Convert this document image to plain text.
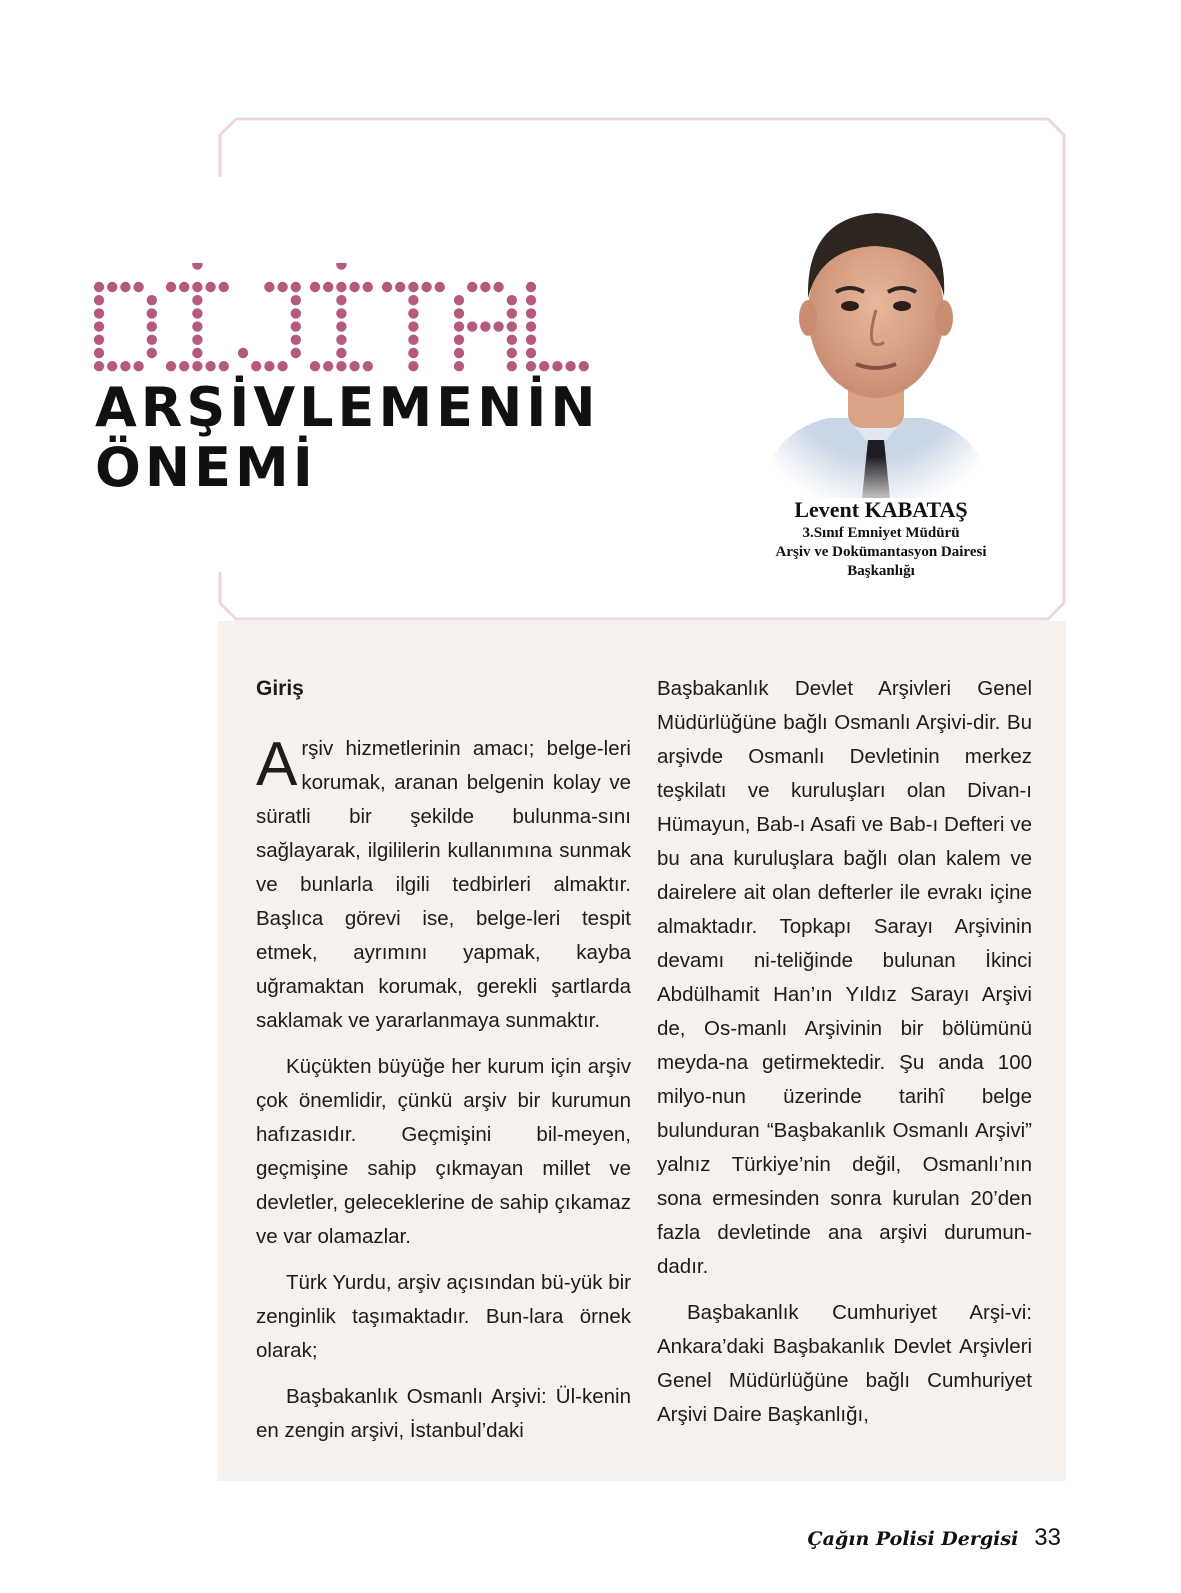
ARŞİVLEMENİN
ÖNEMİ
Levent KABATAŞ
3.Sınıf Emniyet Müdürü
Arşiv ve Dokümantasyon Dairesi
Başkanlığı
Giriş

Arşiv hizmetlerinin amacı; belge-leri korumak, aranan belgenin kolay ve süratli bir şekilde bulunma-sını sağlayarak, ilgililerin kullanımına sunmak ve bunlarla ilgili tedbirleri almaktır. Başlıca görevi ise, belge-leri tespit etmek, ayrımını yapmak, kayba uğramaktan korumak, gerekli şartlarda saklamak ve yararlanmaya sunmaktır.

Küçükten büyüğe her kurum için arşiv çok önemlidir, çünkü arşiv bir kurumun hafızasıdır. Geçmişini bil-meyen, geçmişine sahip çıkmayan millet ve devletler, geleceklerine de sahip çıkamaz ve var olamazlar.

Türk Yurdu, arşiv açısından bü-yük bir zenginlik taşımaktadır. Bun-lara örnek olarak;

Başbakanlık Osmanlı Arşivi: Ül-kenin en zengin arşivi, İstanbul’daki

Başbakanlık Devlet Arşivleri Genel Müdürlüğüne bağlı Osmanlı Arşivi-dir. Bu arşivde Osmanlı Devletinin merkez teşkilatı ve kuruluşları olan Divan-ı Hümayun, Bab-ı Asafi ve Bab-ı Defteri ve bu ana kuruluşlara bağlı olan kalem ve dairelere ait olan defterler ile evrakı içine almaktadır. Topkapı Sarayı Arşivinin devamı ni-teliğinde bulunan İkinci Abdülhamit Han’ın Yıldız Sarayı Arşivi de, Os-manlı Arşivinin bir bölümünü meyda-na getirmektedir. Şu anda 100 milyo-nun üzerinde tarihî belge bulunduran “Başbakanlık Osmanlı Arşivi” yalnız Türkiye’nin değil, Osmanlı’nın sona ermesinden sonra kurulan 20’den fazla devletinde ana arşivi durumun-dadır.

Başbakanlık Cumhuriyet Arşi-vi: Ankara’daki Başbakanlık Devlet Arşivleri Genel Müdürlüğüne bağlı Cumhuriyet Arşivi Daire Başkanlığı,

Çağın Polisi Dergisi 33
